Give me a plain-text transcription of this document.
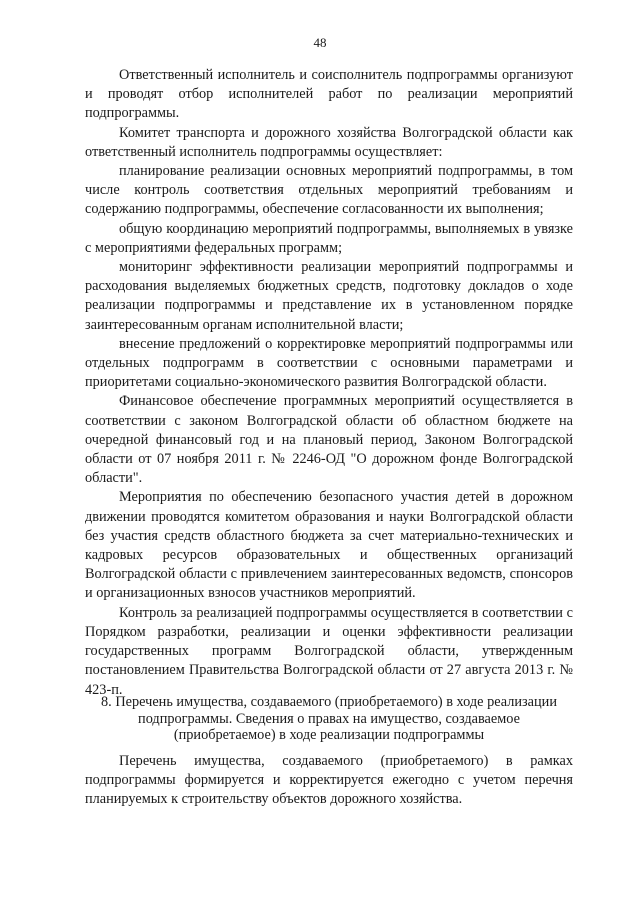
48

Ответственный исполнитель и соисполнитель подпрограммы организуют и проводят отбор исполнителей работ по реализации мероприятий подпрограммы.

Комитет транспорта и дорожного хозяйства Волгоградской области как ответственный исполнитель подпрограммы осуществляет:

планирование реализации основных мероприятий подпрограммы, в том числе контроль соответствия отдельных мероприятий требованиям и содержанию подпрограммы, обеспечение согласованности их выполнения;

общую координацию мероприятий подпрограммы, выполняемых в увязке с мероприятиями федеральных программ;

мониторинг эффективности реализации мероприятий подпрограммы и расходования выделяемых бюджетных средств, подготовку докладов о ходе реализации подпрограммы и представление их в установленном порядке заинтересованным органам исполнительной власти;

внесение предложений о корректировке мероприятий подпрограммы или отдельных подпрограмм в соответствии с основными параметрами и приоритетами социально-экономического развития Волгоградской области.

Финансовое обеспечение программных мероприятий осуществляется в соответствии с законом Волгоградской области об областном бюджете на очередной финансовый год и на плановый период, Законом Волгоградской области от 07 ноября 2011 г. № 2246-ОД "О дорожном фонде Волгоградской области".

Мероприятия по обеспечению безопасного участия детей в дорожном движении проводятся комитетом образования и науки Волгоградской области без участия средств областного бюджета за счет материально-технических и кадровых ресурсов образовательных и общественных организаций Волгоградской области с привлечением заинтересованных ведомств, спонсоров и организационных взносов участников мероприятий.

Контроль за реализацией подпрограммы осуществляется в соответствии с Порядком разработки, реализации и оценки эффективности реализации государственных программ Волгоградской области, утвержденным постановлением Правительства Волгоградской области от 27 августа 2013 г. № 423-п.

8. Перечень имущества, создаваемого (приобретаемого) в ходе реализации
подпрограммы. Сведения о правах на имущество, создаваемое
(приобретаемое) в ходе реализации подпрограммы

Перечень имущества, создаваемого (приобретаемого) в рамках подпрограммы формируется и корректируется ежегодно с учетом перечня планируемых к строительству объектов дорожного хозяйства.
